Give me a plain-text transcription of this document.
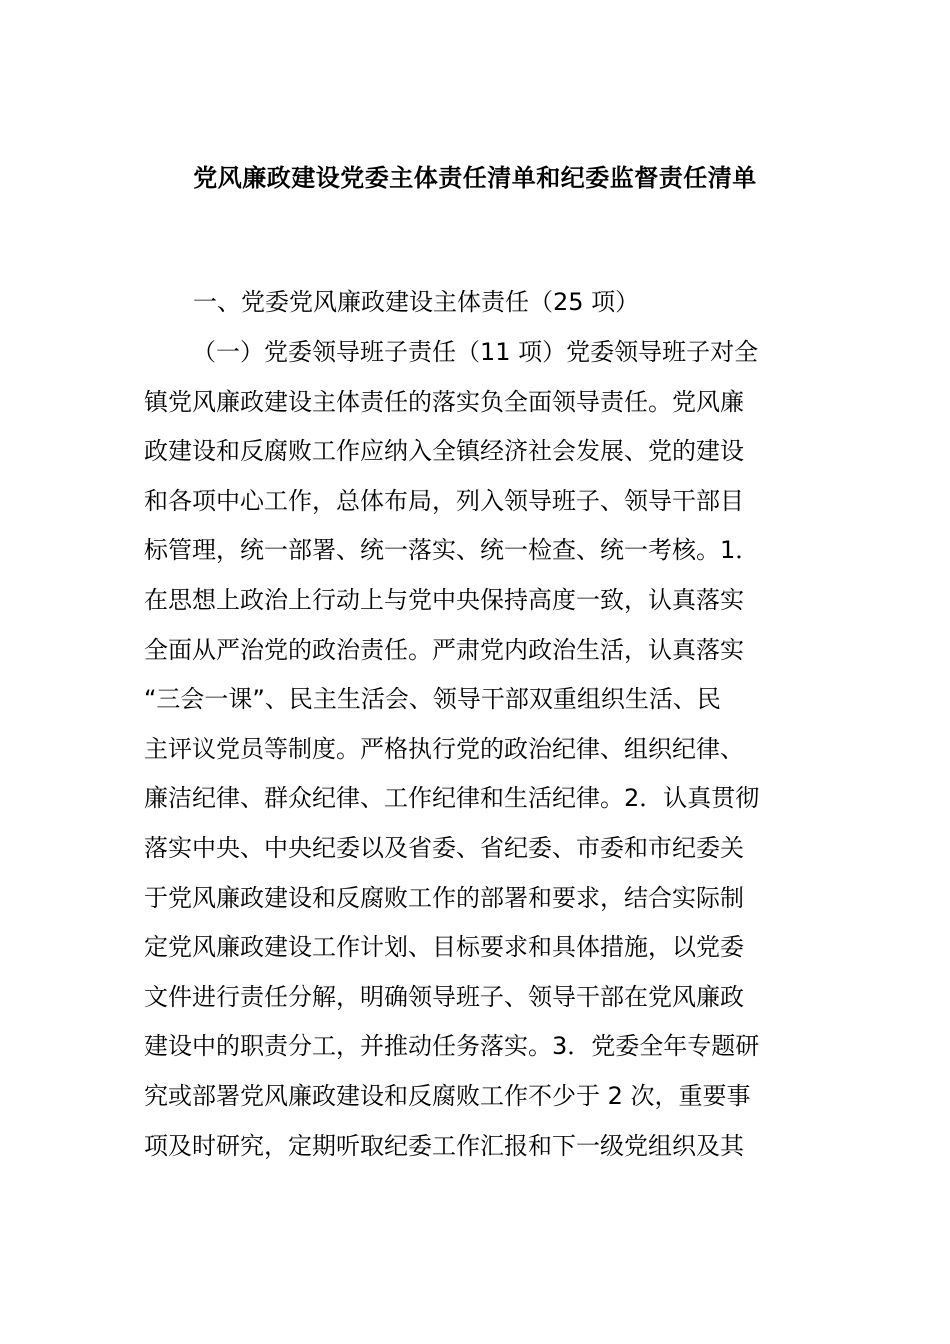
党风廉政建设党委主体责任清单和纪委监督责任清单
一、党委党风廉政建设主体责任（25 项）
（一）党委领导班子责任（11 项）党委领导班子对全
镇党风廉政建设主体责任的落实负全面领导责任。党风廉
政建设和反腐败工作应纳入全镇经济社会发展、党的建设
和各项中心工作，总体布局，列入领导班子、领导干部目
标管理，统一部署、统一落实、统一检查、统一考核。1．
在思想上政治上行动上与党中央保持高度一致，认真落实
全面从严治党的政治责任。严肃党内政治生活，认真落实
“三会一课”、民主生活会、领导干部双重组织生活、民
主评议党员等制度。严格执行党的政治纪律、组织纪律、
廉洁纪律、群众纪律、工作纪律和生活纪律。2．认真贯彻
落实中央、中央纪委以及省委、省纪委、市委和市纪委关
于党风廉政建设和反腐败工作的部署和要求，结合实际制
定党风廉政建设工作计划、目标要求和具体措施，以党委
文件进行责任分解，明确领导班子、领导干部在党风廉政
建设中的职责分工，并推动任务落实。3．党委全年专题研
究或部署党风廉政建设和反腐败工作不少于 2 次，重要事
项及时研究，定期听取纪委工作汇报和下一级党组织及其
